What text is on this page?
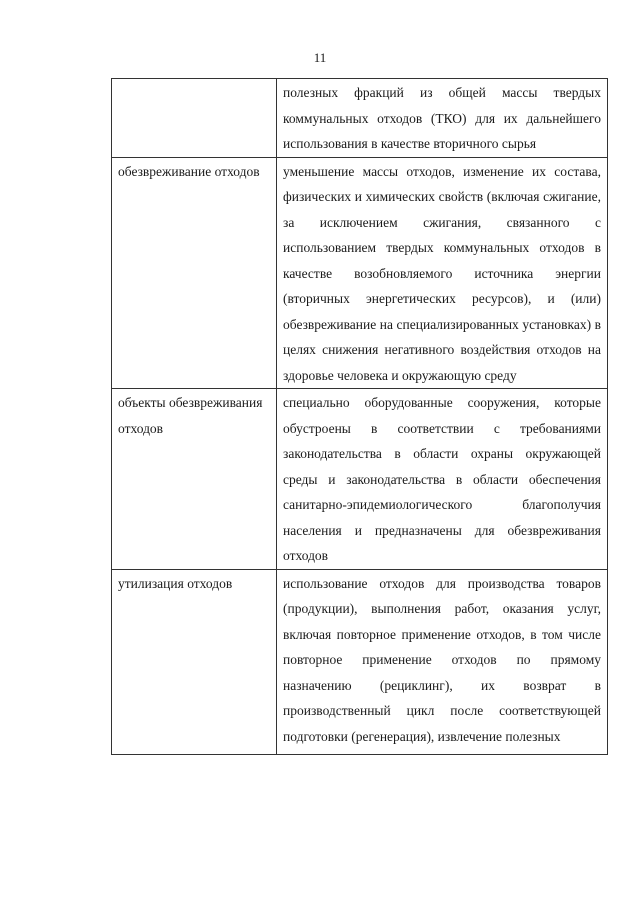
11
	полезных фракций из общей массы твердых коммунальных отходов (ТКО) для их дальнейшего использования в качестве вторичного сырья
обезвреживание отходов	уменьшение массы отходов, изменение их состава, физических и химических свойств (включая сжигание, за исключением сжигания, связанного с использованием твердых коммунальных отходов в качестве возобновляемого источника энергии (вторичных энергетических ресурсов), и (или) обезвреживание на специализированных установках) в целях снижения негативного воздействия отходов на здоровье человека и окружающую среду
объекты обезвреживания отходов	специально оборудованные сооружения, которые обустроены в соответствии с требованиями законодательства в области охраны окружающей среды и законодательства в области обеспечения санитарно-эпидемиологического благополучия населения и предназначены для обезвреживания отходов
утилизация отходов	использование отходов для производства товаров (продукции), выполнения работ, оказания услуг, включая повторное применение отходов, в том числе повторное применение отходов по прямому назначению (рециклинг), их возврат в производственный цикл после соответствующей подготовки (регенерация), извлечение полезных
